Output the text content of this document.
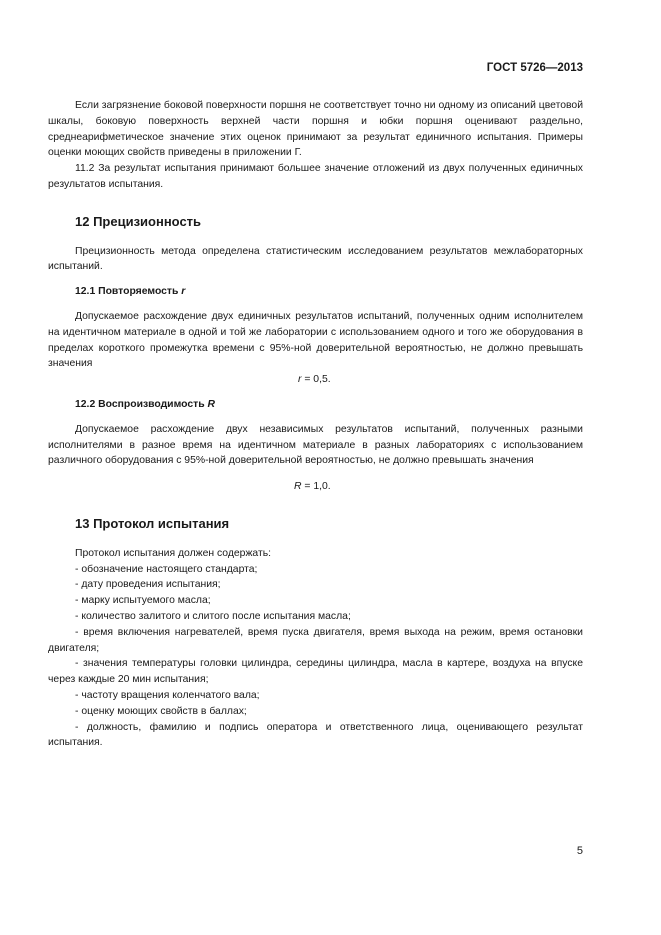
ГОСТ 5726—2013

Если загрязнение боковой поверхности поршня не соответствует точно ни одному из описаний цветовой шкалы, боковую поверхность верхней части поршня и юбки поршня оценивают раздельно, среднеарифметическое значение этих оценок принимают за результат единичного испытания. Примеры оценки моющих свойств приведены в приложении Г.

11.2 За результат испытания принимают большее значение отложений из двух полученных единичных результатов испытания.

12 Прецизионность

Прецизионность метода определена статистическим исследованием результатов межлабораторных испытаний.

12.1 Повторяемость r

Допускаемое расхождение двух единичных результатов испытаний, полученных одним исполнителем на идентичном материале в одной и той же лаборатории с использованием одного и того же оборудования в пределах короткого промежутка времени с 95%-ной доверительной вероятностью, не должно превышать значения

r = 0,5.
12.2 Воспроизводимость R

Допускаемое расхождение двух независимых результатов испытаний, полученных разными исполнителями в разное время на идентичном материале в разных лабораториях с использованием различного оборудования с 95%-ной доверительной вероятностью, не должно превышать значения

R = 1,0.
13 Протокол испытания

Протокол испытания должен содержать:

- обозначение настоящего стандарта;

- дату проведения испытания;

- марку испытуемого масла;

- количество залитого и слитого после испытания масла;

- время включения нагревателей, время пуска двигателя, время выхода на режим, время остановки двигателя;

- значения температуры головки цилиндра, середины цилиндра, масла в картере, воздуха на впуске через каждые 20 мин испытания;

- частоту вращения коленчатого вала;

- оценку моющих свойств в баллах;

- должность, фамилию и подпись оператора и ответственного лица, оценивающего результат испытания.

5
